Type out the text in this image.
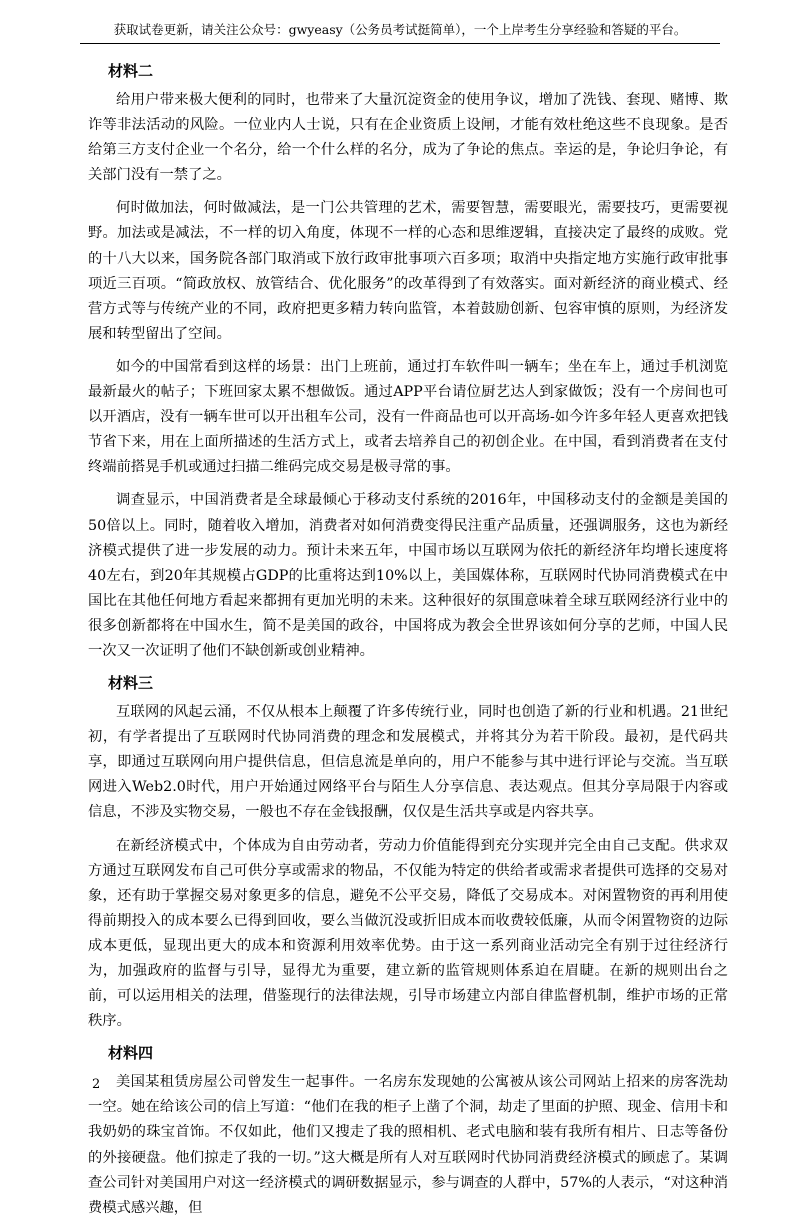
获取试卷更新，请关注公众号：gwyeasy（公务员考试挺简单），一个上岸考生分享经验和答疑的平台。
材料二

给用户带来极大便利的同时，也带来了大量沉淀资金的使用争议，增加了洗钱、套现、赌博、欺诈等非法活动的风险。一位业内人士说，只有在企业资质上设闸，才能有效杜绝这些不良现象。是否给第三方支付企业一个名分，给一个什么样的名分，成为了争论的焦点。幸运的是，争论归争论，有关部门没有一禁了之。

何时做加法，何时做减法，是一门公共管理的艺术，需要智慧，需要眼光，需要技巧，更需要视野。加法或是减法，不一样的切入角度，体现不一样的心态和思维逻辑，直接决定了最终的成败。党的十八大以来，国务院各部门取消或下放行政审批事项六百多项；取消中央指定地方实施行政审批事项近三百项。“简政放权、放管结合、优化服务”的改革得到了有效落实。面对新经济的商业模式、经营方式等与传统产业的不同，政府把更多精力转向监管，本着鼓励创新、包容审慎的原则，为经济发展和转型留出了空间。

如今的中国常看到这样的场景：出门上班前，通过打车软件叫一辆车；坐在车上，通过手机浏览最新最火的帖子；下班回家太累不想做饭。通过APP平台请位厨艺达人到家做饭；没有一个房间也可以开酒店，没有一辆车世可以开出租车公司，没有一件商品也可以开高场-如今许多年轻人更喜欢把钱节省下来，用在上面所描述的生活方式上，或者去培养自己的初创企业。在中国，看到消费者在支付终端前搭晃手机或通过扫描二维码完成交易是极寻常的事。

调查显示，中国消费者是全球最倾心于移动支付系统的2016年，中国移动支付的金额是美国的50倍以上。同时，随着收入增加，消费者对如何消费变得民注重产品质量，还强调服务，这也为新经济模式提供了进一步发展的动力。预计未来五年，中国市场以互联网为依托的新经济年均增长速度将40左右，到20年其规模占GDP的比重将达到10%以上，美国媒体称，互联网时代协同消费模式在中国比在其他任何地方看起来都拥有更加光明的未来。这种很好的氛围意味着全球互联网经济行业中的很多创新都将在中国水生，简不是美国的政谷，中国将成为教会全世界该如何分享的艺师，中国人民一次又一次证明了他们不缺创新或创业精神。

材料三

互联网的风起云涌，不仅从根本上颠覆了许多传统行业，同时也创造了新的行业和机遇。21世纪初，有学者提出了互联网时代协同消费的理念和发展模式，并将其分为若干阶段。最初，是代码共享，即通过互联网向用户提供信息，但信息流是单向的，用户不能参与其中进行评论与交流。当互联网进入Web2.0时代，用户开始通过网络平台与陌生人分享信息、表达观点。但其分享局限于内容或信息，不涉及实物交易，一般也不存在金钱报酬，仅仅是生活共享或是内容共享。

在新经济模式中，个体成为自由劳动者，劳动力价值能得到充分实现并完全由自己支配。供求双方通过互联网发布自己可供分享或需求的物品，不仅能为特定的供给者或需求者提供可选择的交易对象，还有助于掌握交易对象更多的信息，避免不公平交易，降低了交易成本。对闲置物资的再利用使得前期投入的成本要么已得到回收，要么当做沉没或折旧成本而收费较低廉，从而令闲置物资的边际成本更低，显现出更大的成本和资源利用效率优势。由于这一系列商业活动完全有别于过往经济行为，加强政府的监督与引导，显得尤为重要，建立新的监管规则体系迫在眉睫。在新的规则出台之前，可以运用相关的法理，借鉴现行的法律法规，引导市场建立内部自律监督机制，维护市场的正常秩序。

材料四

美国某租赁房屋公司曾发生一起事件。一名房东发现她的公寓被从该公司网站上招来的房客洗劫一空。她在给该公司的信上写道：“他们在我的柜子上凿了个洞，劫走了里面的护照、现金、信用卡和我奶奶的珠宝首饰。不仅如此，他们又搜走了我的照相机、老式电脑和装有我所有相片、日志等备份的外接硬盘。他们掠走了我的一切。”这大概是所有人对互联网时代协同消费经济模式的顾虑了。某调查公司针对美国用户对这一经济模式的调研数据显示，参与调查的人群中，57%的人表示，“对这种消费模式感兴趣，但

2
